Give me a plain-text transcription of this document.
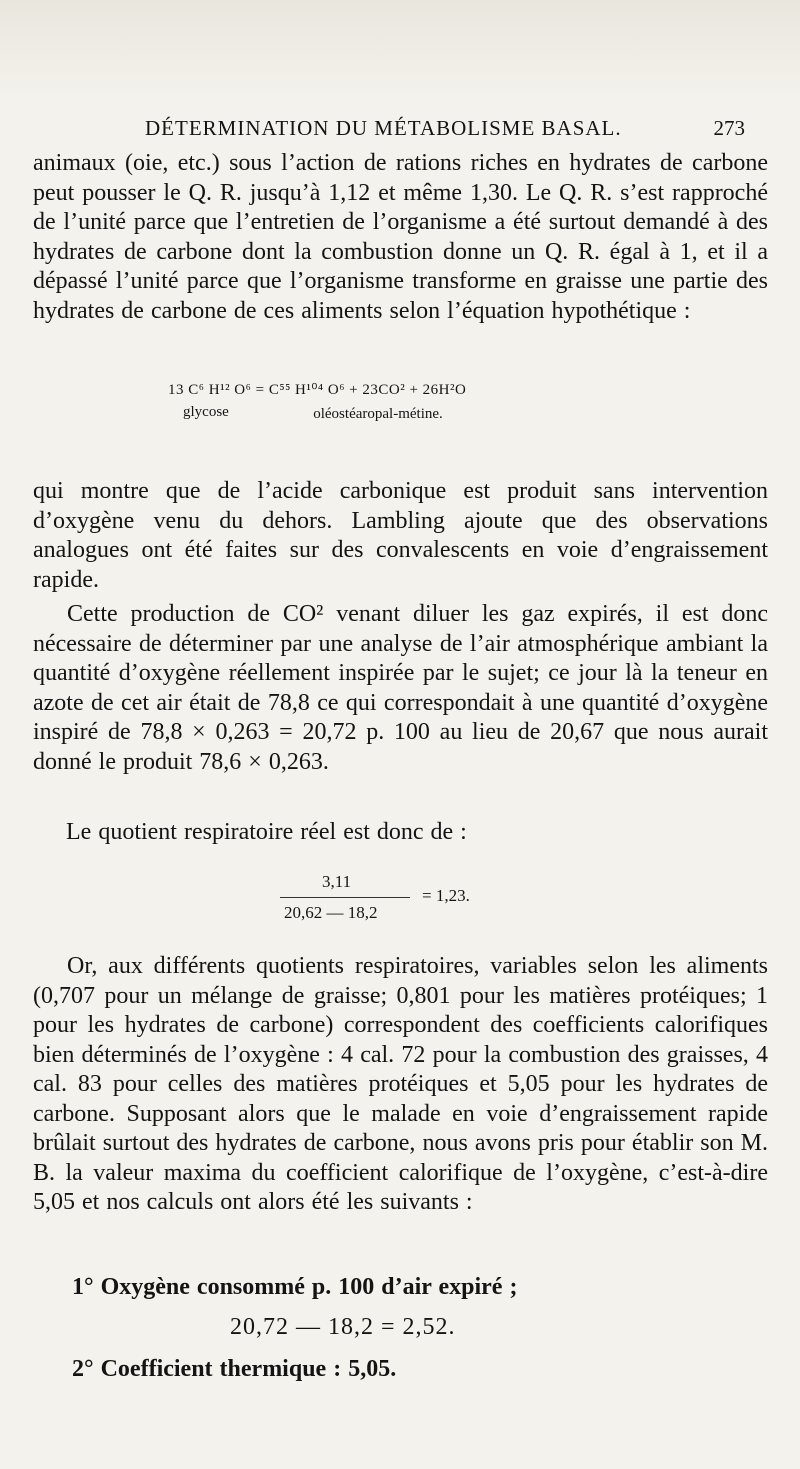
DÉTERMINATION DU MÉTABOLISME BASAL.	273
animaux (oie, etc.) sous l’action de rations riches en hydrates de carbone peut pousser le Q. R. jusqu’à 1,12 et même 1,30. Le Q. R. s’est rapproché de l’unité parce que l’entretien de l’organisme a été surtout demandé à des hydrates de carbone dont la combustion donne un Q. R. égal à 1, et il a dépassé l’unité parce que l’organisme transforme en graisse une partie des hydrates de carbone de ces aliments selon l’équation hypothétique :
13 C⁶ H¹² O⁶ = C⁵⁵ H¹⁰⁴ O⁶ + 23CO² + 26H²O
glycose	oléostéaropal-métine.
qui montre que de l’acide carbonique est produit sans intervention d’oxygène venu du dehors. Lambling ajoute que des observations analogues ont été faites sur des convalescents en voie d’engraissement rapide.
Cette production de CO² venant diluer les gaz expirés, il est donc nécessaire de déterminer par une analyse de l’air atmosphérique ambiant la quantité d’oxygène réellement inspirée par le sujet; ce jour là la teneur en azote de cet air était de 78,8 ce qui correspondait à une quantité d’oxygène inspiré de 78,8 × 0,263 = 20,72 p. 100 au lieu de 20,67 que nous aurait donné le produit 78,6 × 0,263.
Le quotient respiratoire réel est donc de :
3,11
20,62 — 18,2
= 1,23.
Or, aux différents quotients respiratoires, variables selon les aliments (0,707 pour un mélange de graisse; 0,801 pour les matières protéiques; 1 pour les hydrates de carbone) correspondent des coefficients calorifiques bien déterminés de l’oxygène : 4 cal. 72 pour la combustion des graisses, 4 cal. 83 pour celles des matières protéiques et 5,05 pour les hydrates de carbone. Supposant alors que le malade en voie d’engraissement rapide brûlait surtout des hydrates de carbone, nous avons pris pour établir son M. B. la valeur maxima du coefficient calorifique de l’oxygène, c’est-à-dire 5,05 et nos calculs ont alors été les suivants :
1° Oxygène consommé p. 100 d’air expiré ;
20,72 — 18,2 = 2,52.
2° Coefficient thermique : 5,05.
